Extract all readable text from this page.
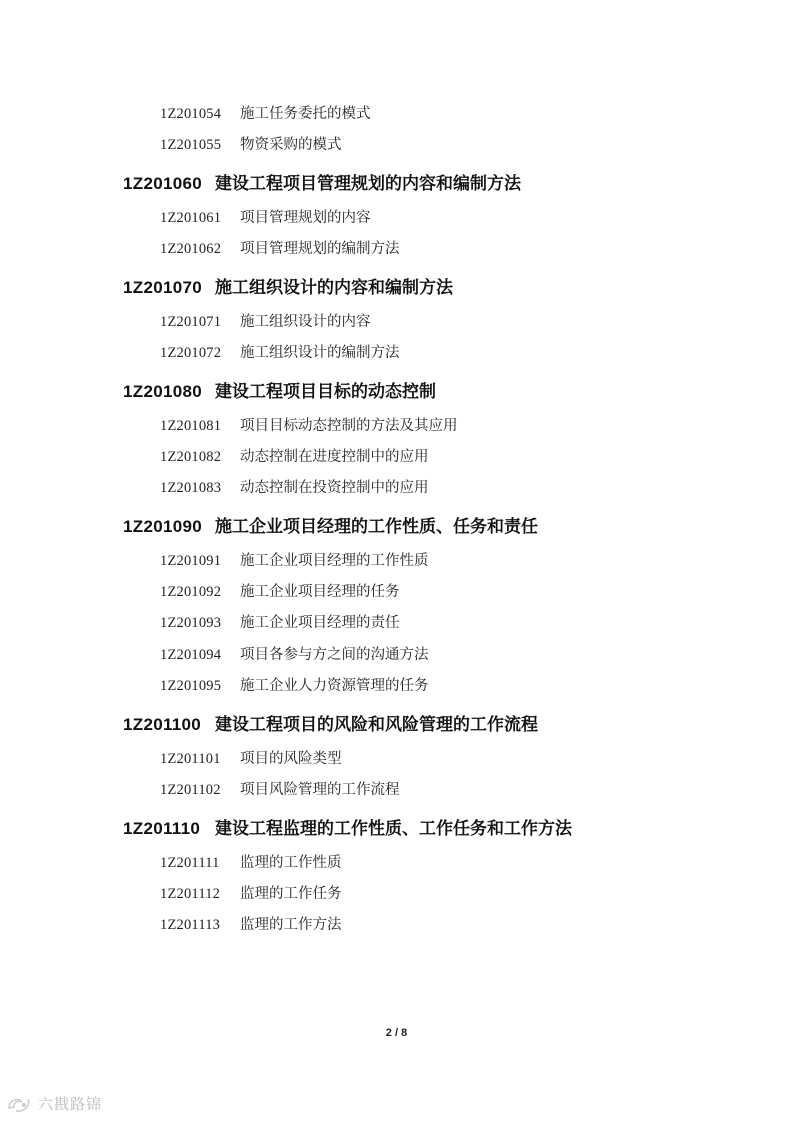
1Z201054 施工任务委托的模式
1Z201055 物资采购的模式
1Z201060 建设工程项目管理规划的内容和编制方法
1Z201061 项目管理规划的内容
1Z201062 项目管理规划的编制方法
1Z201070 施工组织设计的内容和编制方法
1Z201071 施工组织设计的内容
1Z201072 施工组织设计的编制方法
1Z201080 建设工程项目目标的动态控制
1Z201081 项目目标动态控制的方法及其应用
1Z201082 动态控制在进度控制中的应用
1Z201083 动态控制在投资控制中的应用
1Z201090 施工企业项目经理的工作性质、任务和责任
1Z201091 施工企业项目经理的工作性质
1Z201092 施工企业项目经理的任务
1Z201093 施工企业项目经理的责任
1Z201094 项目各参与方之间的沟通方法
1Z201095 施工企业人力资源管理的任务
1Z201100 建设工程项目的风险和风险管理的工作流程
1Z201101 项目的风险类型
1Z201102 项目风险管理的工作流程
1Z201110 建设工程监理的工作性质、工作任务和工作方法
1Z201111 监理的工作性质
1Z201112 监理的工作任务
1Z201113 监理的工作方法
2 / 8
六戡路锦
